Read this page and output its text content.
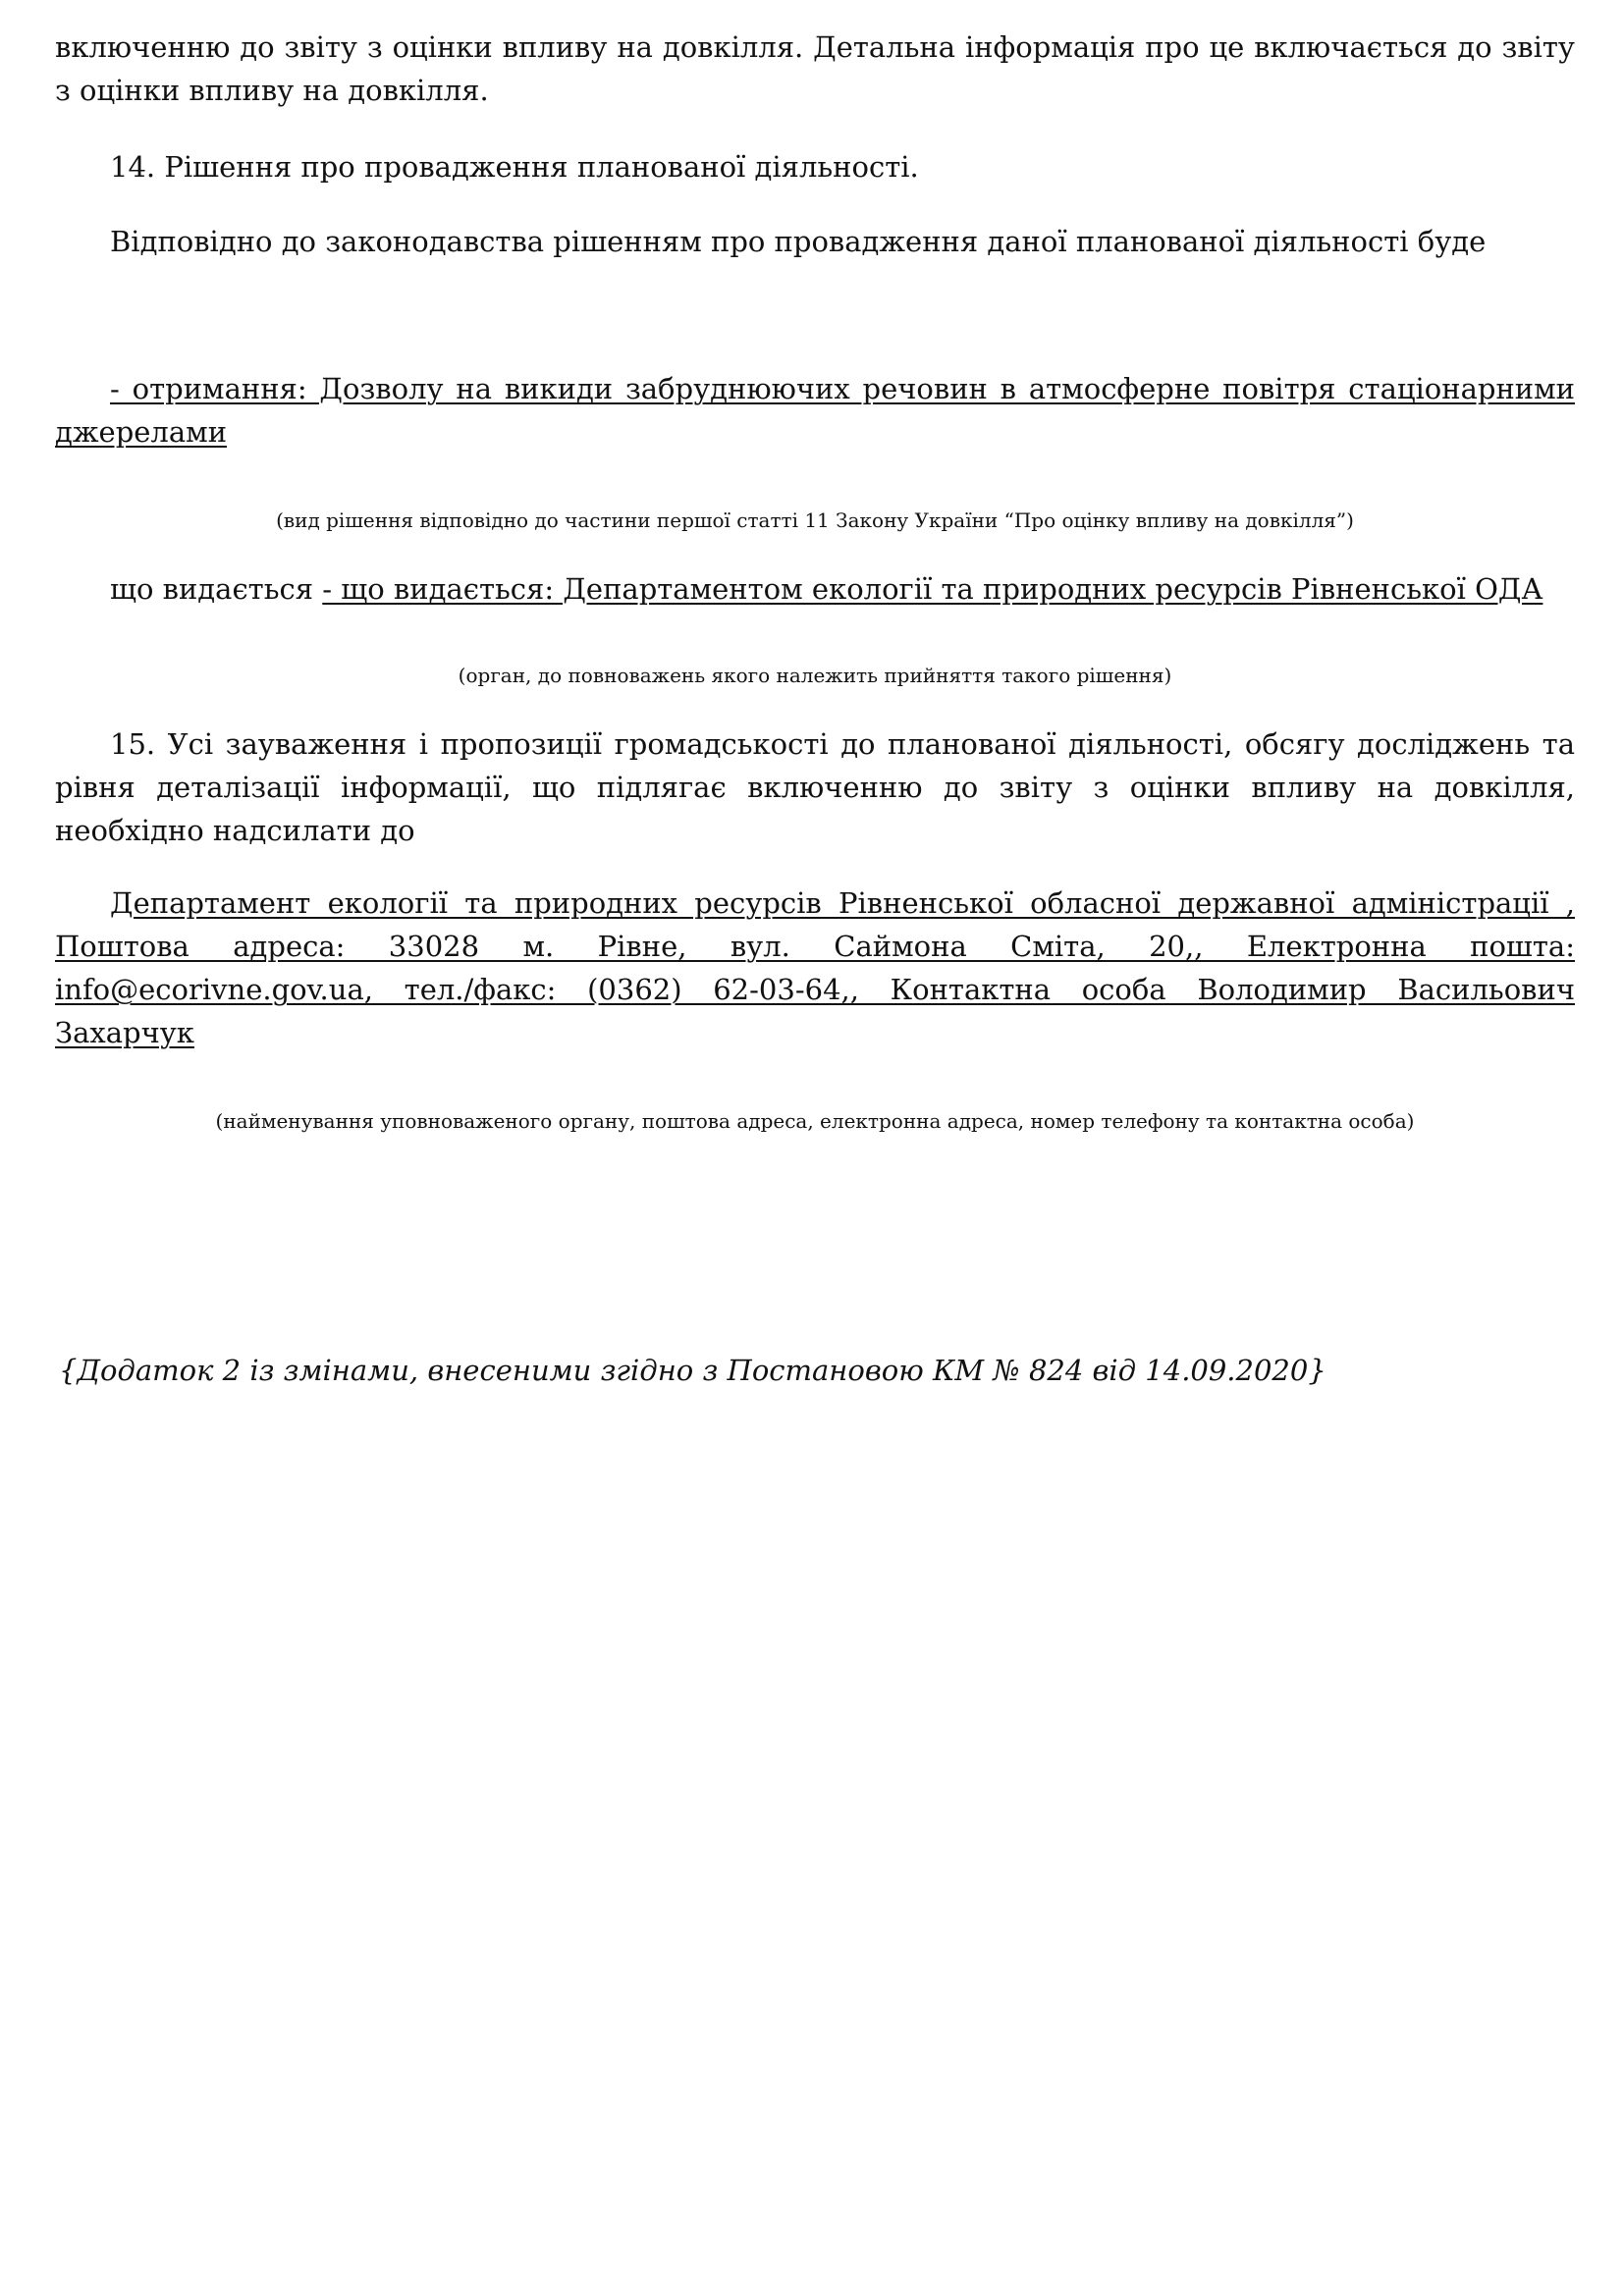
включенню до звіту з оцінки впливу на довкілля. Детальна інформація про це включається до звіту з оцінки впливу на довкілля.

14. Рішення про провадження планованої діяльності.

Відповідно до законодавства рішенням про провадження даної планованої діяльності буде

- отримання: Дозволу на викиди забруднюючих речовин в атмосферне повітря стаціонарними джерелами

(вид рішення відповідно до частини першої статті 11 Закону України “Про оцінку впливу на довкілля”)

що видається - що видається: Департаментом екології та природних ресурсів Рівненської ОДА

(орган, до повноважень якого належить прийняття такого рішення)

15. Усі зауваження і пропозиції громадськості до планованої діяльності, обсягу досліджень та рівня деталізації інформації, що підлягає включенню до звіту з оцінки впливу на довкілля, необхідно надсилати до

Департамент екології та природних ресурсів Рівненської обласної державної адміністрації ,
Поштова адреса: 33028 м. Рівне, вул. Саймона Сміта, 20,, Електронна пошта:
info@ecorivne.gov.ua, тел./факс: (0362) 62-03-64,, Контактна особа Володимир Васильович
Захарчук

(найменування уповноваженого органу, поштова адреса, електронна адреса, номер телефону та контактна особа)

{Додаток 2 із змінами, внесеними згідно з Постановою КМ № 824 від 14.09.2020}
